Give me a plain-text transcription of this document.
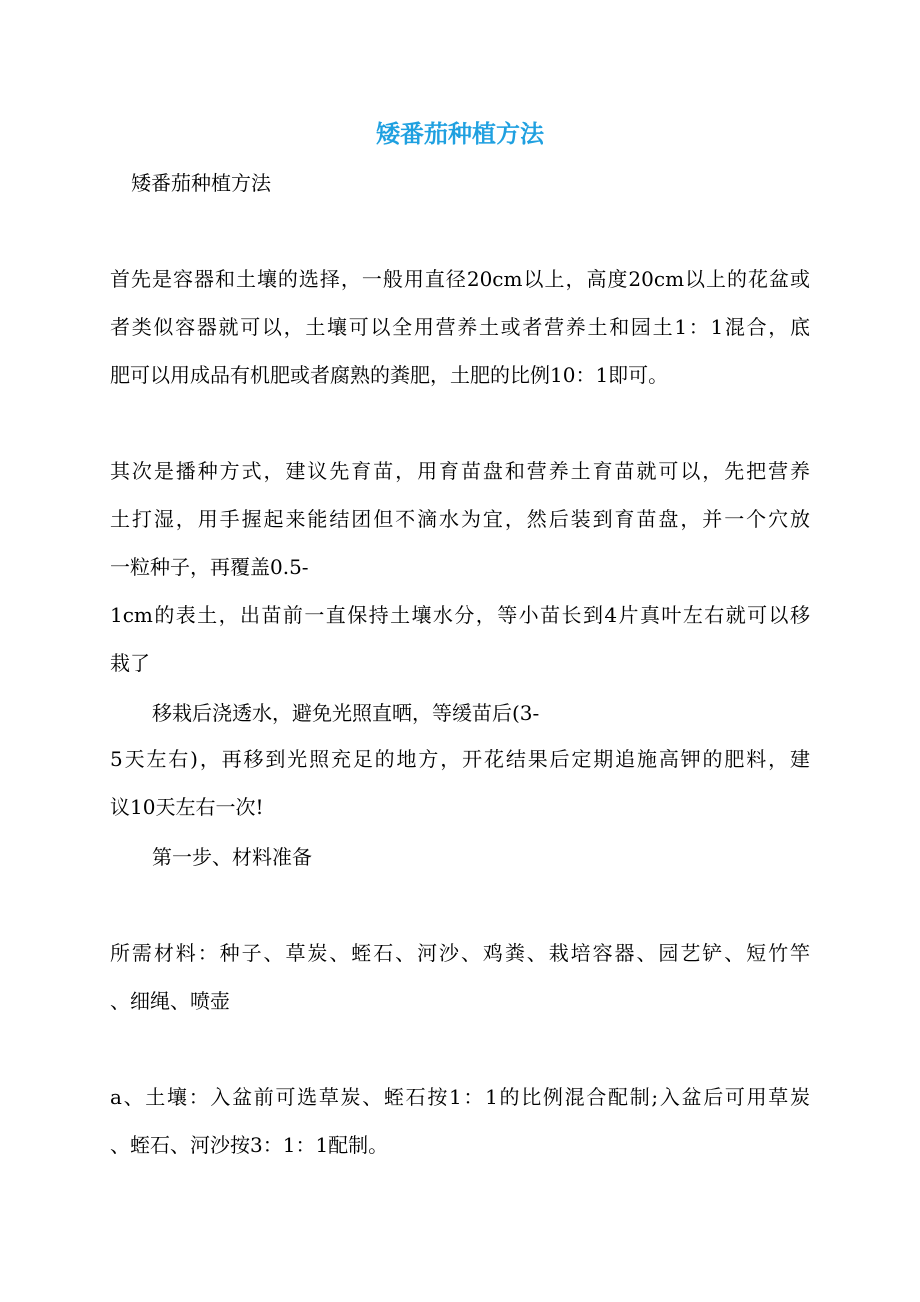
矮番茄种植方法
矮番茄种植方法
首先是容器和土壤的选择，一般用直径20cm以上，高度20cm以上的花盆或
者类似容器就可以，土壤可以全用营养土或者营养土和园土1：1混合，底
肥可以用成品有机肥或者腐熟的粪肥，土肥的比例10：1即可。
其次是播种方式，建议先育苗，用育苗盘和营养土育苗就可以，先把营养
土打湿，用手握起来能结团但不滴水为宜，然后装到育苗盘，并一个穴放
一粒种子，再覆盖0.5-
1cm的表土，出苗前一直保持土壤水分，等小苗长到4片真叶左右就可以移
栽了
移栽后浇透水，避免光照直晒，等缓苗后(3-
5天左右)，再移到光照充足的地方，开花结果后定期追施高钾的肥料，建
议10天左右一次!
第一步、材料准备
所需材料：种子、草炭、蛭石、河沙、鸡粪、栽培容器、园艺铲、短竹竿
、细绳、喷壶
a、土壤：入盆前可选草炭、蛭石按1：1的比例混合配制;入盆后可用草炭
、蛭石、河沙按3：1：1配制。
